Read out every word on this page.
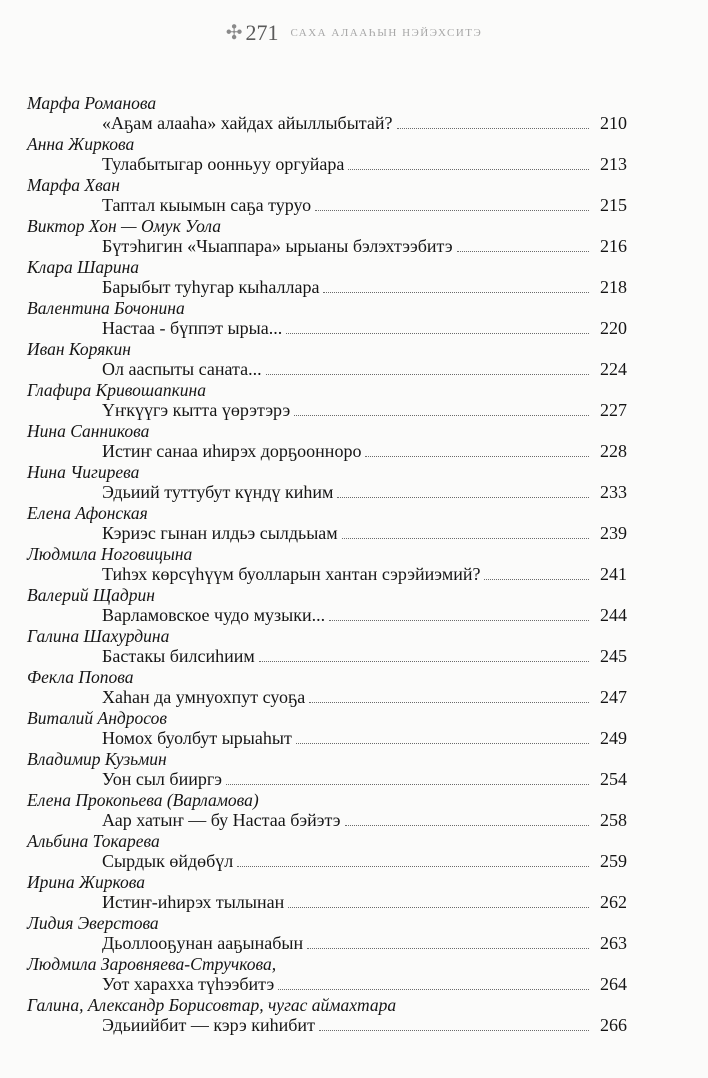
✣ 271 САХА АЛААҺЫН НЭЙЭХСИТЭ
Марфа Романова
«Аҕам алааһа» хайдах айыллыбытай?	210
Анна Жиркова
Тулабытыгар оонньуу оргуйара	213
Марфа Хван
Таптал кыымын саҕа туруо	215
Виктор Хон — Омук Уола
Бүтэһигин «Чыаппара» ырыаны бэлэхтээбитэ	216
Клара Шарина
Барыбыт туһугар кыһаллара	218
Валентина Бочонина
Настаа - бүппэт ырыа...	220
Иван Корякин
Ол ааспыты саната...	224
Глафира Кривошапкина
Үҥкүүгэ кытта үөрэтэрэ	227
Нина Санникова
Истиҥ санаа иһирэх дорҕооннoро	228
Нина Чигирева
Эдьиий туттубут күндү киһим	233
Елена Афонская
Кэриэс гынан илдьэ сылдьыам	239
Людмила Ноговицына
Тиһэх көрсүһүүм буолларын хантан сэрэйиэмий?	241
Валерий Щадрин
Варламовское чудо музыки...	244
Галина Шахурдина
Бастакы билсиһиим	245
Фекла Попова
Хаһан да умнуохпут суоҕа	247
Виталий Андросов
Номох буолбут ырыаһыт	249
Владимир Кузьмин
Уон сыл бииргэ	254
Елена Прокопьева (Варламова)
Аар хатыҥ — бу Настаа бэйэтэ	258
Альбина Токарева
Сырдык өйдөбүл	259
Ирина Жиркова
Истиҥ-иһирэх тылынан	262
Лидия Эверстова
Дьоллооҕунан ааҕынабын	263
Людмила Заровняева-Стручкова,
Уот хараххa түһээбитэ	264
Галина, Александр Борисовтар, чугас аймахтара
Эдьиийбит — кэрэ киһибит	266
